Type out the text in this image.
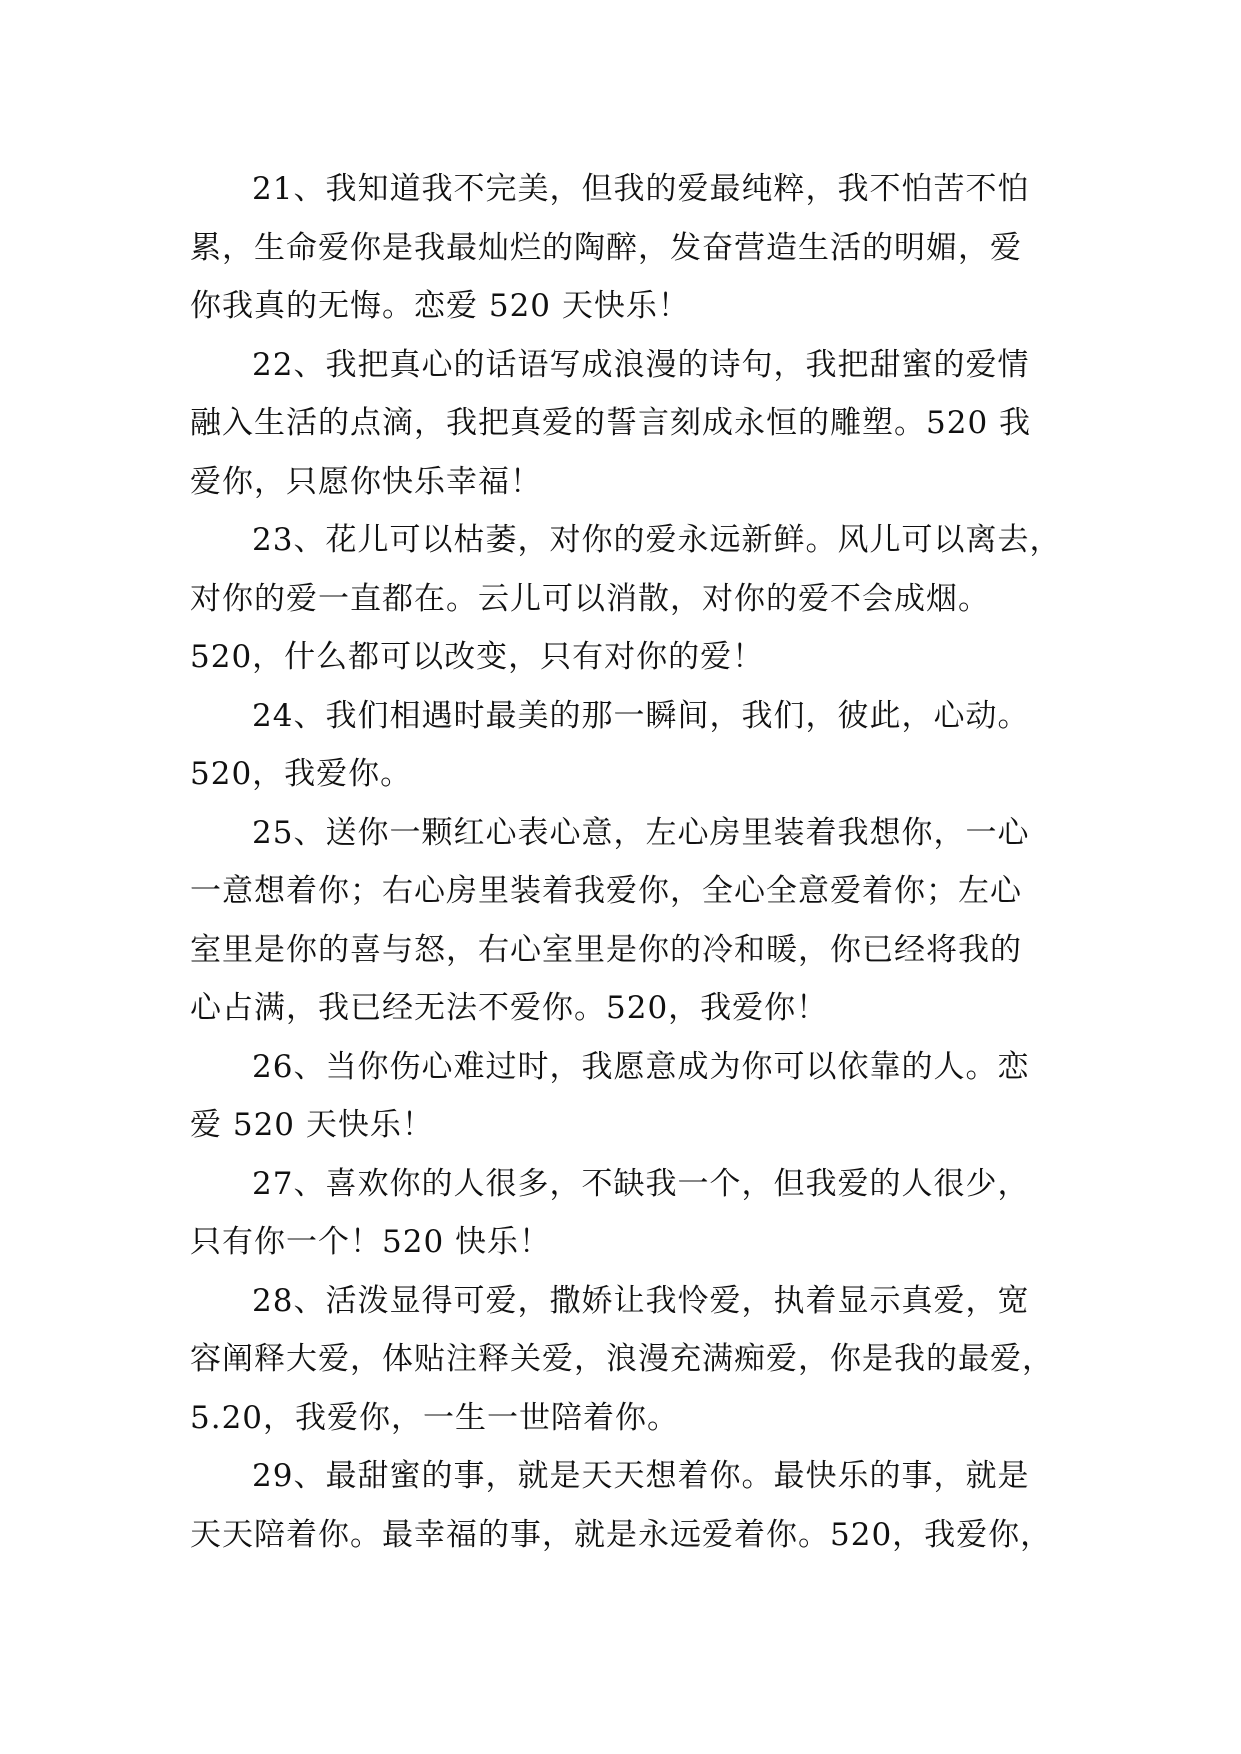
21、我知道我不完美，但我的爱最纯粹，我不怕苦不怕
累，生命爱你是我最灿烂的陶醉，发奋营造生活的明媚，爱
你我真的无悔。恋爱 520 天快乐！

22、我把真心的话语写成浪漫的诗句，我把甜蜜的爱情
融入生活的点滴，我把真爱的誓言刻成永恒的雕塑。520 我
爱你，只愿你快乐幸福！

23、花儿可以枯萎，对你的爱永远新鲜。风儿可以离去，
对你的爱一直都在。云儿可以消散，对你的爱不会成烟。
520，什么都可以改变，只有对你的爱！

24、我们相遇时最美的那一瞬间，我们，彼此，心动。
520，我爱你。

25、送你一颗红心表心意，左心房里装着我想你，一心
一意想着你；右心房里装着我爱你，全心全意爱着你；左心
室里是你的喜与怒，右心室里是你的冷和暖，你已经将我的
心占满，我已经无法不爱你。520，我爱你！

26、当你伤心难过时，我愿意成为你可以依靠的人。恋
爱 520 天快乐！

27、喜欢你的人很多，不缺我一个，但我爱的人很少，
只有你一个！520 快乐！

28、活泼显得可爱，撒娇让我怜爱，执着显示真爱，宽
容阐释大爱，体贴注释关爱，浪漫充满痴爱，你是我的最爱，
5.20，我爱你，一生一世陪着你。

29、最甜蜜的事，就是天天想着你。最快乐的事，就是
天天陪着你。最幸福的事，就是永远爱着你。520，我爱你，
